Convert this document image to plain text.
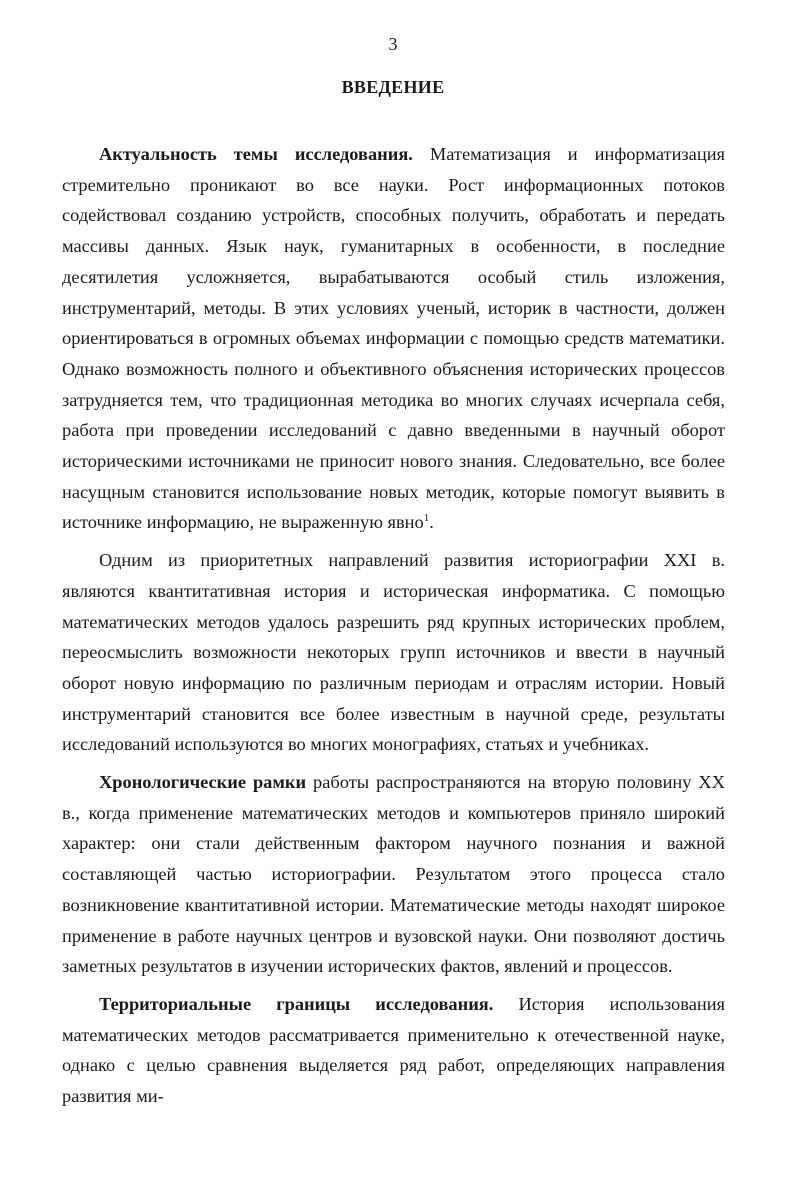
3
ВВЕДЕНИЕ

Актуальность темы исследования. Математизация и информатизация стремительно проникают во все науки. Рост информационных потоков содействовал созданию устройств, способных получить, обработать и передать массивы данных. Язык наук, гуманитарных в особенности, в последние десятилетия усложняется, вырабатываются особый стиль изложения, инструментарий, методы. В этих условиях ученый, историк в частности, должен ориентироваться в огромных объемах информации с помощью средств математики. Однако возможность полного и объективного объяснения исторических процессов затрудняется тем, что традиционная методика во многих случаях исчерпала себя, работа при проведении исследований с давно введенными в научный оборот историческими источниками не приносит нового знания. Следовательно, все более насущным становится использование новых методик, которые помогут выявить в источнике информацию, не выраженную явно$^1$.

Одним из приоритетных направлений развития историографии XXI в. являются квантитативная история и историческая информатика. С помощью математических методов удалось разрешить ряд крупных исторических проблем, переосмыслить возможности некоторых групп источников и ввести в научный оборот новую информацию по различным периодам и отраслям истории. Новый инструментарий становится все более известным в научной среде, результаты исследований используются во многих монографиях, статьях и учебниках.

Хронологические рамки работы распространяются на вторую половину XX в., когда применение математических методов и компьютеров приняло широкий характер: они стали действенным фактором научного познания и важной составляющей частью историографии. Результатом этого процесса стало возникновение квантитативной истории. Математические методы находят широкое применение в работе научных центров и вузовской науки. Они позволяют достичь заметных результатов в изучении исторических фактов, явлений и процессов.

Территориальные границы исследования. История использования математических методов рассматривается применительно к отечественной науке, однако с целью сравнения выделяется ряд работ, определяющих направления развития ми-
